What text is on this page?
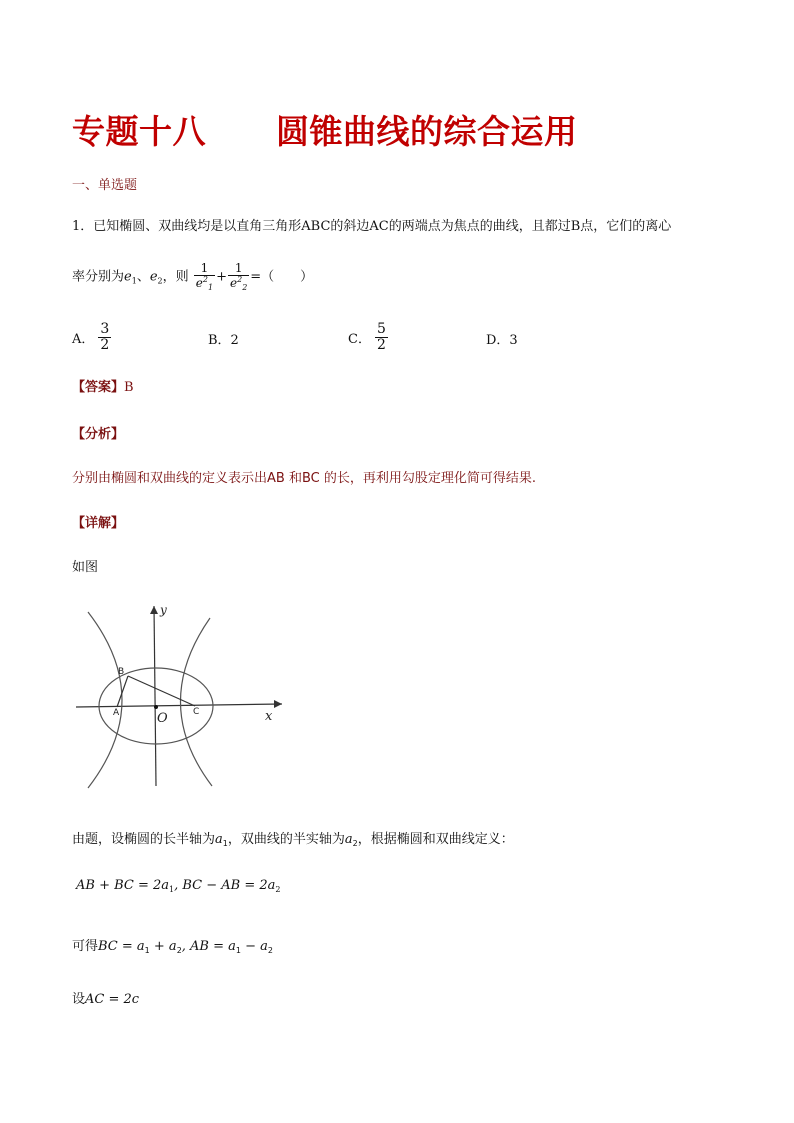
专题十八 圆锥曲线的综合运用
一、单选题
1．已知椭圆、双曲线均是以直角三角形ABC的斜边AC的两端点为焦点的曲线，且都过B点，它们的离心
率分别为$e_1$、$e_2$，则 $\frac{1}{e^2_1} + \frac{1}{e^2_2}$ =（　　）
A．
3
2	B．2	C．
5
2	D．3
【答案】B
【分析】
分别由椭圆和双曲线的定义表示出AB 和BC 的长，再利用勾股定理化简可得结果.
【详解】
如图
y
x
O
A
B
C
由题，设椭圆的长半轴为$a_1$，双曲线的半实轴为$a_2$，根据椭圆和双曲线定义：
AB + BC = $2a_1$, BC − AB = $2a_2$
可得BC = $a_1 + a_2$, AB = $a_1 - a_2$
设AC = 2c
